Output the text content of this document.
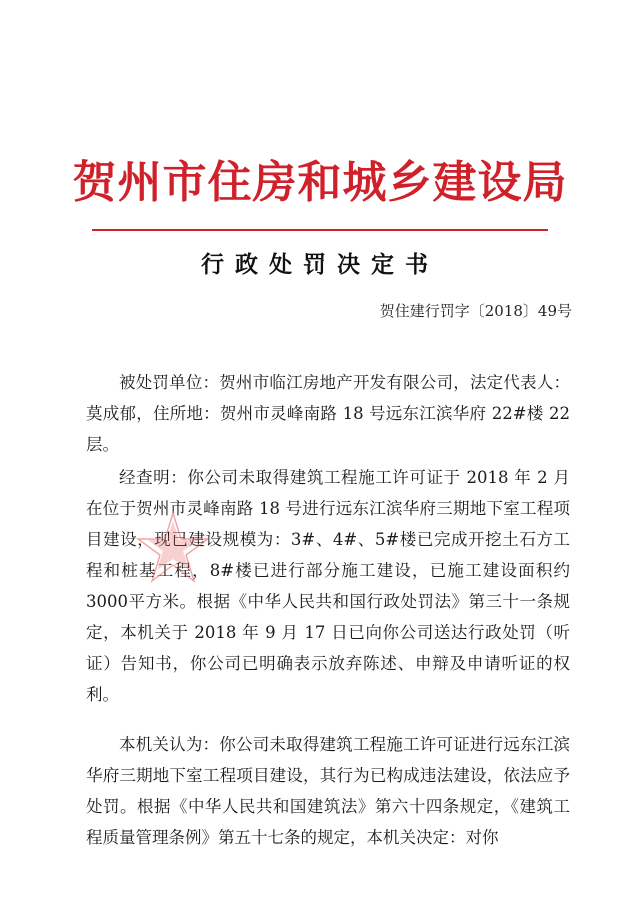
贺州市住房和城乡建设局
行政处罚决定书
贺住建行罚字〔2018〕49号

被处罚单位：贺州市临江房地产开发有限公司，法定代表人：莫成郁，住所地：贺州市灵峰南路 18 号远东江滨华府 22#楼 22层。

经查明：你公司未取得建筑工程施工许可证于 2018 年 2 月在位于贺州市灵峰南路 18 号进行远东江滨华府三期地下室工程项目建设，现已建设规模为：3#、4#、5#楼已完成开挖土石方工程和桩基工程，8#楼已进行部分施工建设，已施工建设面积约3000平方米。根据《中华人民共和国行政处罚法》第三十一条规定，本机关于 2018 年 9 月 17 日已向你公司送达行政处罚（听证）告知书，你公司已明确表示放弃陈述、申辩及申请听证的权利。

本机关认为：你公司未取得建筑工程施工许可证进行远东江滨华府三期地下室工程项目建设，其行为已构成违法建设，依法应予处罚。根据《中华人民共和国建筑法》第六十四条规定，《建筑工程质量管理条例》第五十七条的规定，本机关决定：对你
